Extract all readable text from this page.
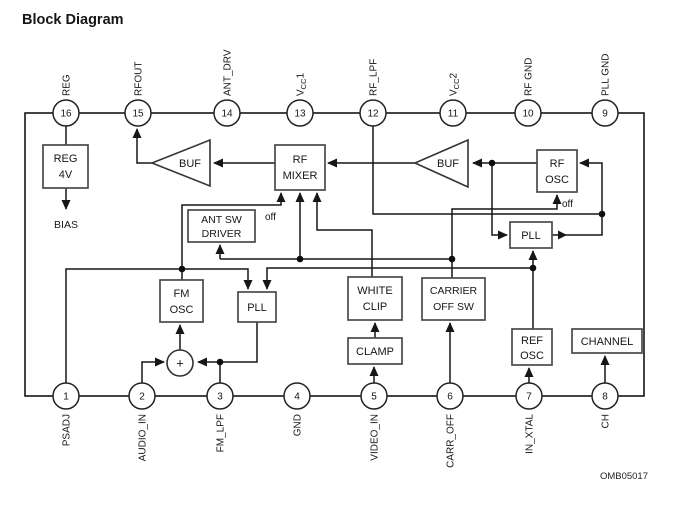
Block Diagram
REG
4V
BUF	RF
MIXER
BUF	RF
OSC
ANT SW
DRIVER	PLL
FM
OSC	PLL
WHITE
CLIP
CLAMP
CARRIER
OFF SW
REF
OSC
CHANNEL
+
BIAS
off
off
16
REG
15
RFOUT
14
ANT_DRV
13
$V_{CC}1$
12
RF_LPF
11
$V_{CC}2$
10
RF GND
9
PLL GND
1
PSADJ
2
AUDIO_IN
3
FM_LPF
4
GND
5
VIDEO_IN
6
CARR_OFF
7
IN_XTAL
8
CH
OMB05017
